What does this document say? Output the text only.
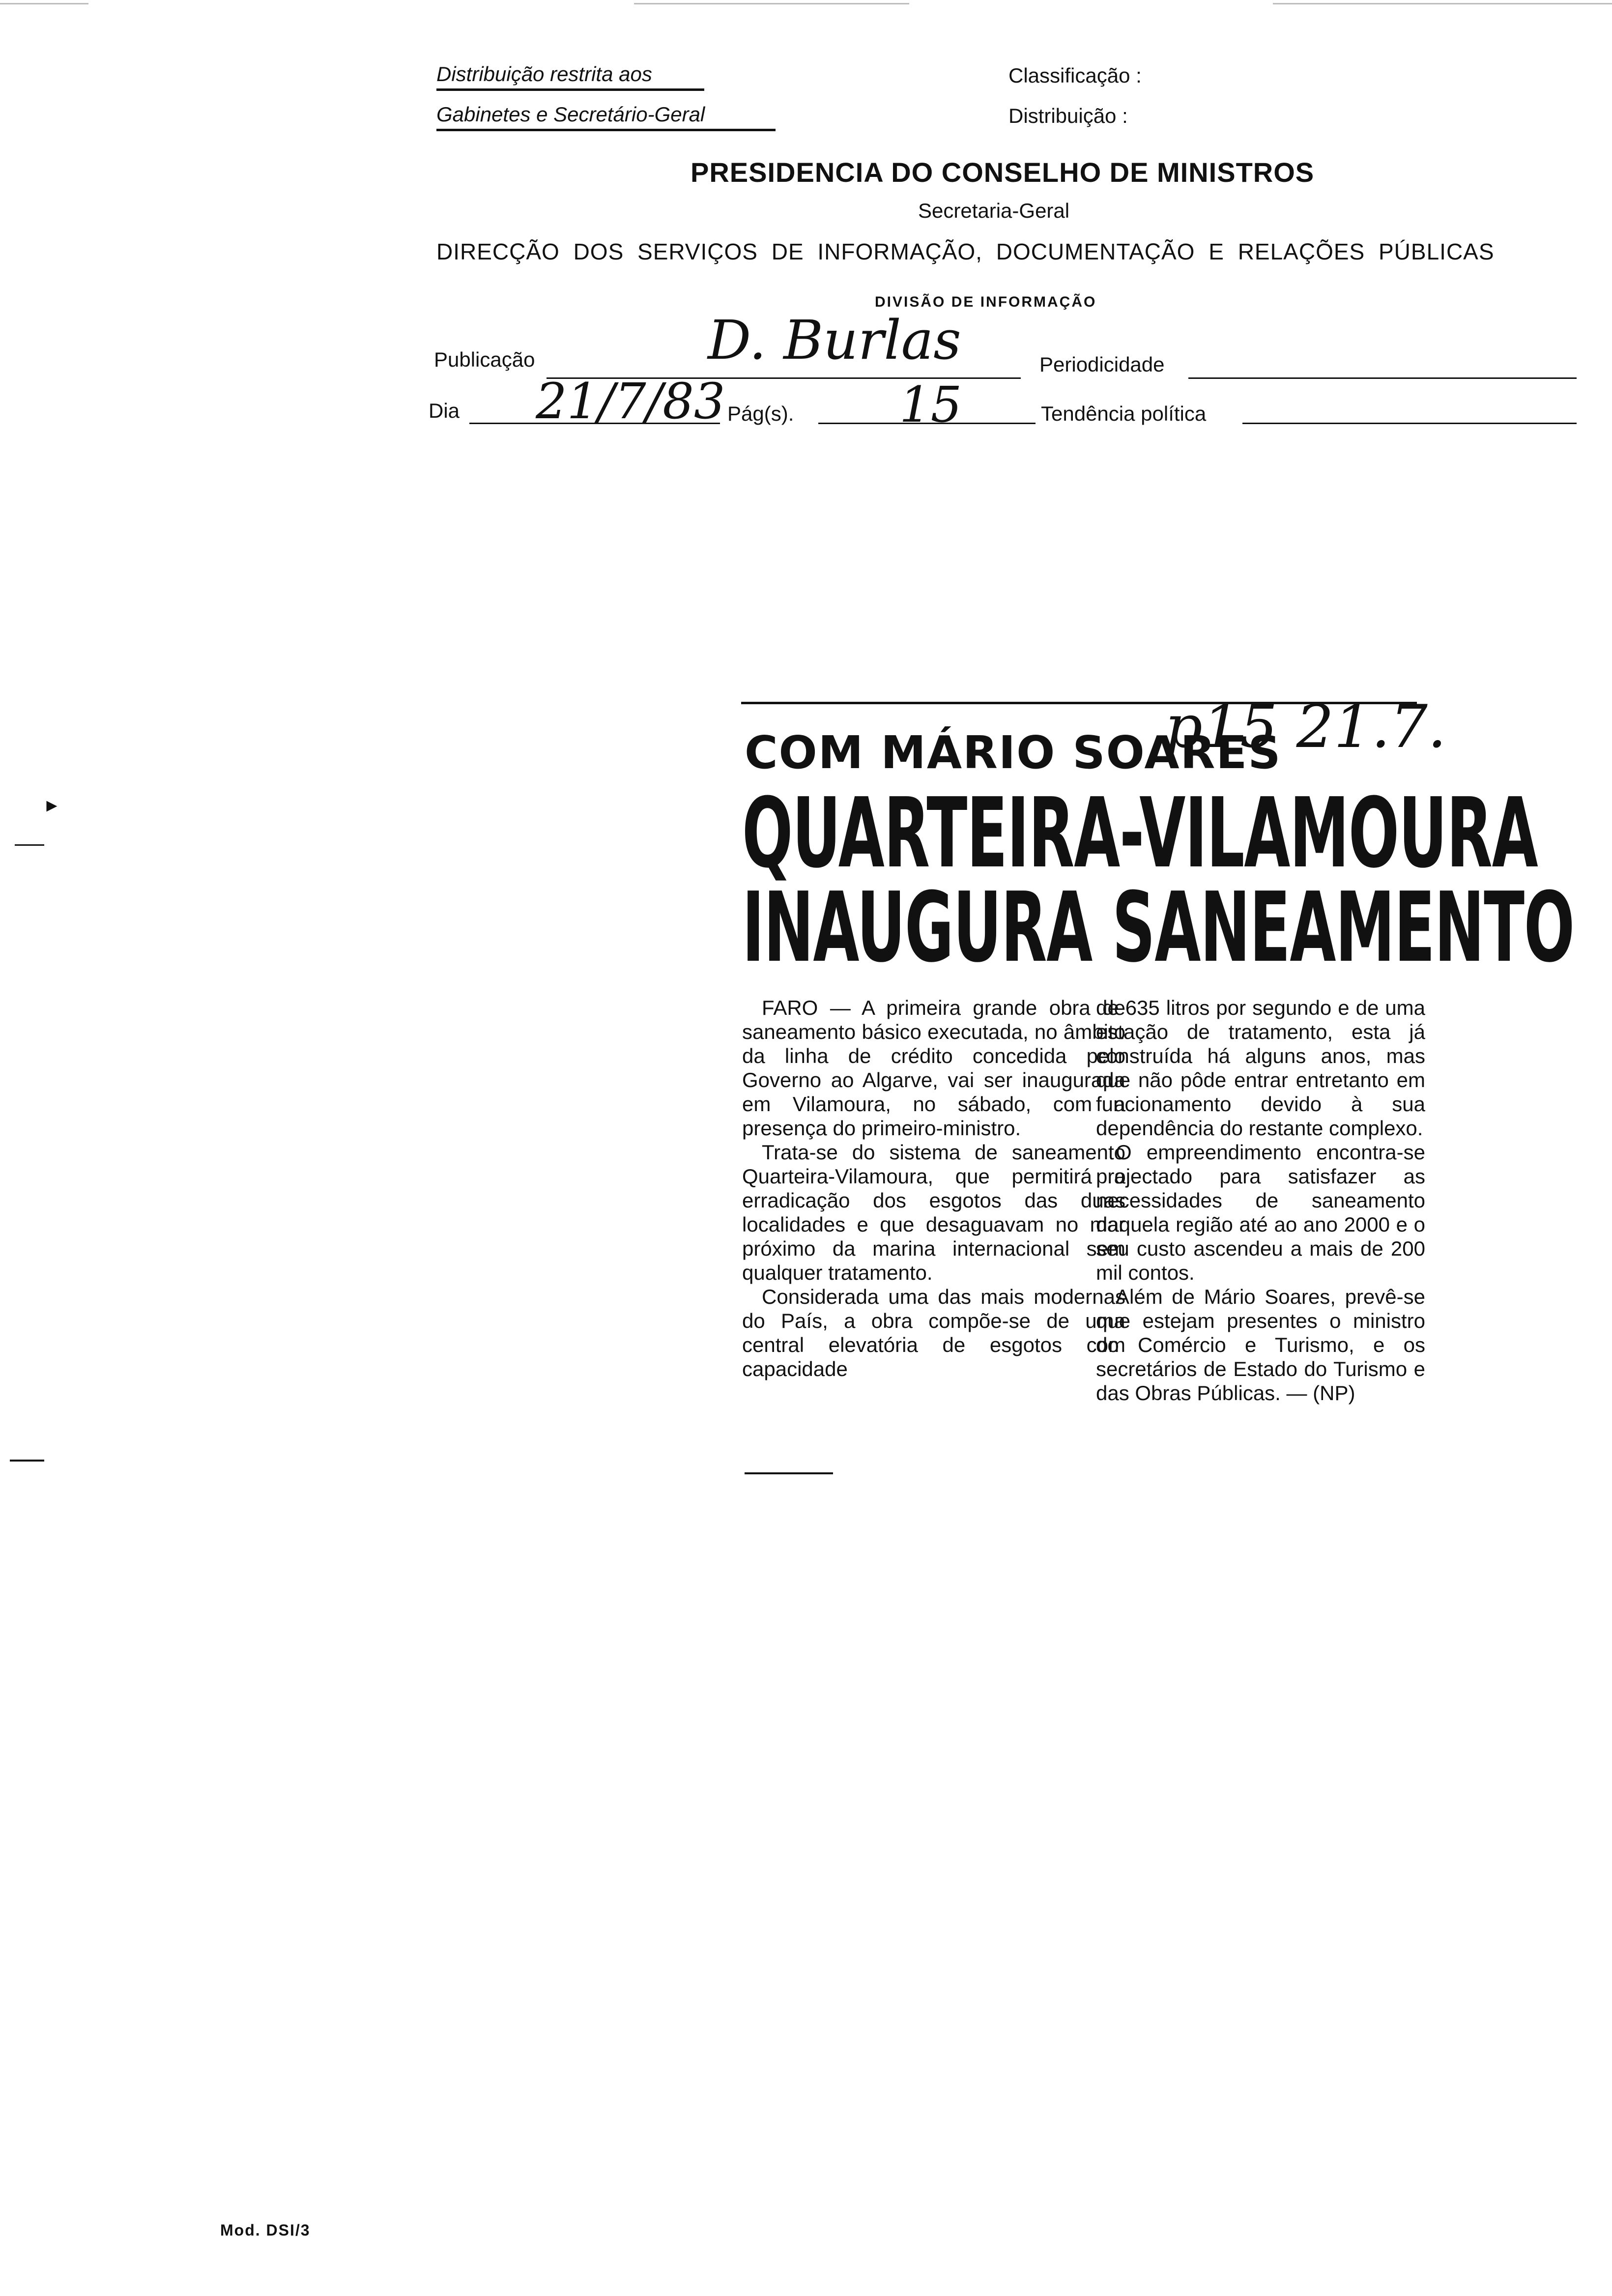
Distribuição restrita aos
Gabinetes e Secretário-Geral
Classificação :
Distribuição :
PRESIDENCIA DO CONSELHO DE MINISTROS
Secretaria-Geral
DIRECÇÃO DOS SERVIÇOS DE INFORMAÇÃO, DOCUMENTAÇÃO E RELAÇÕES PÚBLICAS
DIVISÃO DE INFORMAÇÃO
Publicação	D. Burlas	Periodicidade
Dia 21/7/83 Pág(s). 15	Tendência política
COM MÁRIO SOARES
p15 21.7.
QUARTEIRA-VILAMOURA
INAUGURA SANEAMENTO

FARO — A primeira grande obra de saneamento básico executada, no âmbito da linha de crédito concedida pelo Governo ao Algarve, vai ser inaugurada em Vilamoura, no sábado, com a presença do primeiro-ministro.

Trata-se do sistema de saneamento Quarteira-Vilamoura, que permitirá a erradicação dos esgotos das duas localidades e que desaguavam no mar próximo da marina internacional sem qualquer tratamento.

Considerada uma das mais modernas do País, a obra compõe-se de uma central elevatória de esgotos com capacidade

de 635 litros por segundo e de uma estação de tratamento, esta já construída há alguns anos, mas que não pôde entrar entretanto em funcionamento devido à sua dependência do restante complexo.

O empreendimento encontra-se projectado para satisfazer as necessidades de saneamento daquela região até ao ano 2000 e o seu custo ascendeu a mais de 200 mil contos.

Além de Mário Soares, prevê-se que estejam presentes o ministro do Comércio e Turismo, e os secretários de Estado do Turismo e das Obras Públicas. — (NP)

▸
Mod. DSI/3
